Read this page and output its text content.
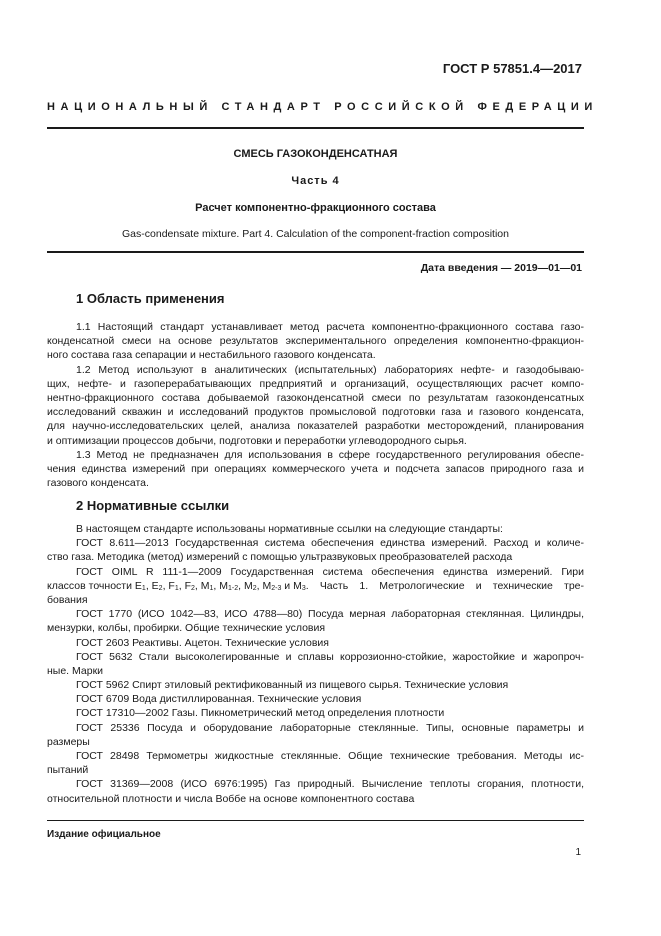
ГОСТ Р 57851.4—2017
НАЦИОНАЛЬНЫЙ СТАНДАРТ РОССИЙСКОЙ ФЕДЕРАЦИИ
СМЕСЬ ГАЗОКОНДЕНСАТНАЯ
Часть 4
Расчет компонентно-фракционного состава
Gas-condensate mixture. Part 4. Calculation of the component-fraction composition
Дата введения — 2019—01—01
1 Область применения
1.1 Настоящий стандарт устанавливает метод расчета компонентно-фракционного состава газо-
конденсатной смеси на основе результатов экспериментального определения компонентно-фракцион-
ного состава газа сепарации и нестабильного газового конденсата.
1.2 Метод используют в аналитических (испытательных) лабораториях нефте- и газодобываю-
щих, нефте- и газоперерабатывающих предприятий и организаций, осуществляющих расчет компо-
нентно-фракционного состава добываемой газоконденсатной смеси по результатам газоконденсатных
исследований скважин и исследований продуктов промысловой подготовки газа и газового конденсата,
для научно-исследовательских целей, анализа показателей разработки месторождений, планирования
и оптимизации процессов добычи, подготовки и переработки углеводородного сырья.
1.3 Метод не предназначен для использования в сфере государственного регулирования обеспе-
чения единства измерений при операциях коммерческого учета и подсчета запасов природного газа и
газового конденсата.
2 Нормативные ссылки
В настоящем стандарте использованы нормативные ссылки на следующие стандарты:
ГОСТ 8.611—2013 Государственная система обеспечения единства измерений. Расход и количе-
ство газа. Методика (метод) измерений с помощью ультразвуковых преобразователей расхода
ГОСТ OIML R 111-1—2009 Государственная система обеспечения единства измерений. Гири
классов точности
$E_1$, $E_2$, $F_1$, $F_2$, $M_1$, $M_{1-2}$, $M_2$, $M_{2-3}$ и $M_3$ . Часть 1. Метрологические и технические тре-
бования
ГОСТ 1770 (ИСО 1042—83, ИСО 4788—80) Посуда мерная лабораторная стеклянная. Цилиндры,
мензурки, колбы, пробирки. Общие технические условия
ГОСТ 2603 Реактивы. Ацетон. Технические условия
ГОСТ 5632 Стали высоколегированные и сплавы коррозионно-стойкие, жаростойкие и жаропроч-
ные. Марки
ГОСТ 5962 Спирт этиловый ректификованный из пищевого сырья. Технические условия
ГОСТ 6709 Вода дистиллированная. Технические условия
ГОСТ 17310—2002 Газы. Пикнометрический метод определения плотности
ГОСТ 25336 Посуда и оборудование лабораторные стеклянные. Типы, основные параметры и
размеры
ГОСТ 28498 Термометры жидкостные стеклянные. Общие технические требования. Методы ис-
пытаний
ГОСТ 31369—2008 (ИСО 6976:1995) Газ природный. Вычисление теплоты сгорания, плотности,
относительной плотности и числа Воббе на основе компонентного состава
Издание официальное
1
